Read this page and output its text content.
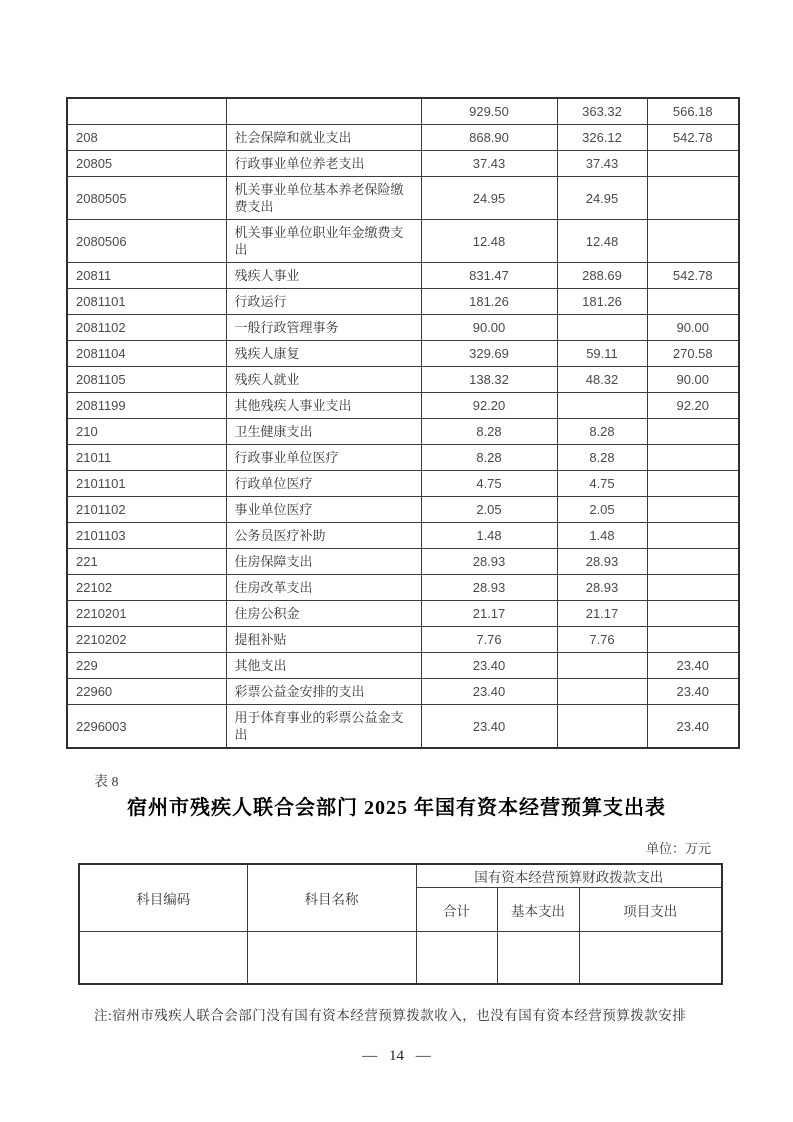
		929.50	363.32	566.18
208	社会保障和就业支出	868.90	326.12	542.78
20805	行政事业单位养老支出	37.43	37.43	
2080505	机关事业单位基本养老保险缴费支出	24.95	24.95	
2080506	机关事业单位职业年金缴费支出	12.48	12.48	
20811	残疾人事业	831.47	288.69	542.78
2081101	行政运行	181.26	181.26	
2081102	一般行政管理事务	90.00		90.00
2081104	残疾人康复	329.69	59.11	270.58
2081105	残疾人就业	138.32	48.32	90.00
2081199	其他残疾人事业支出	92.20		92.20
210	卫生健康支出	8.28	8.28	
21011	行政事业单位医疗	8.28	8.28	
2101101	行政单位医疗	4.75	4.75	
2101102	事业单位医疗	2.05	2.05	
2101103	公务员医疗补助	1.48	1.48	
221	住房保障支出	28.93	28.93	
22102	住房改革支出	28.93	28.93	
2210201	住房公积金	21.17	21.17	
2210202	提租补贴	7.76	7.76	
229	其他支出	23.40		23.40
22960	彩票公益金安排的支出	23.40		23.40
2296003	用于体育事业的彩票公益金支出	23.40		23.40
表 8
宿州市残疾人联合会部门 2025 年国有资本经营预算支出表
单位：万元
科目编码	科目名称	国有资本经营预算财政拨款支出		
		合计	基本支出	项目支出

注:宿州市残疾人联合会部门没有国有资本经营预算拨款收入，也没有国有资本经营预算拨款安排
— 14 —
